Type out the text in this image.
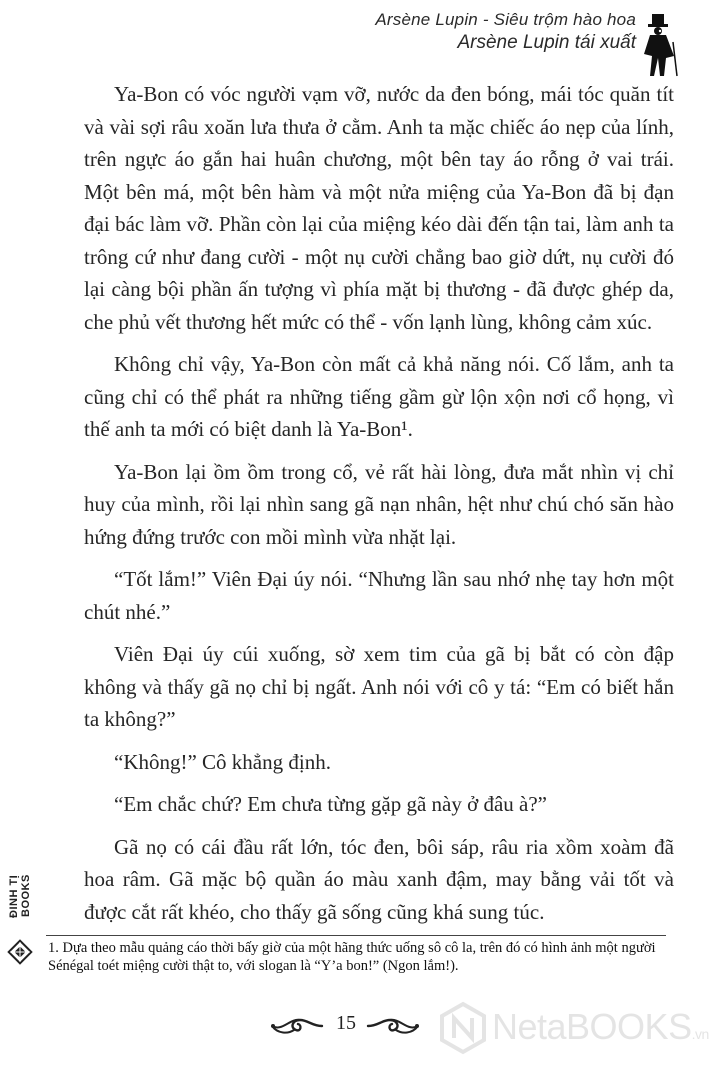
Arsène Lupin - Siêu trộm hào hoa
Arsène Lupin tái xuất

Ya-Bon có vóc người vạm vỡ, nước da đen bóng, mái tóc quăn tít và vài sợi râu xoăn lưa thưa ở cằm. Anh ta mặc chiếc áo nẹp của lính, trên ngực áo gắn hai huân chương, một bên tay áo rỗng ở vai trái. Một bên má, một bên hàm và một nửa miệng của Ya-Bon đã bị đạn đại bác làm vỡ. Phần còn lại của miệng kéo dài đến tận tai, làm anh ta trông cứ như đang cười - một nụ cười chẳng bao giờ dứt, nụ cười đó lại càng bội phần ấn tượng vì phía mặt bị thương - đã được ghép da, che phủ vết thương hết mức có thể - vốn lạnh lùng, không cảm xúc.

Không chỉ vậy, Ya-Bon còn mất cả khả năng nói. Cố lắm, anh ta cũng chỉ có thể phát ra những tiếng gầm gừ lộn xộn nơi cổ họng, vì thế anh ta mới có biệt danh là Ya-Bon¹.

Ya-Bon lại ồm ồm trong cổ, vẻ rất hài lòng, đưa mắt nhìn vị chỉ huy của mình, rồi lại nhìn sang gã nạn nhân, hệt như chú chó săn hào hứng đứng trước con mồi mình vừa nhặt lại.

“Tốt lắm!” Viên Đại úy nói. “Nhưng lần sau nhớ nhẹ tay hơn một chút nhé.”

Viên Đại úy cúi xuống, sờ xem tim của gã bị bắt có còn đập không và thấy gã nọ chỉ bị ngất. Anh nói với cô y tá: “Em có biết hắn ta không?”

“Không!” Cô khẳng định.

“Em chắc chứ? Em chưa từng gặp gã này ở đâu à?”

Gã nọ có cái đầu rất lớn, tóc đen, bôi sáp, râu ria xồm xoàm đã hoa râm. Gã mặc bộ quần áo màu xanh đậm, may bằng vải tốt và được cắt rất khéo, cho thấy gã sống cũng khá sung túc.

ĐINH TỊ BOOKS
1. Dựa theo mẫu quảng cáo thời bấy giờ của một hãng thức uống sô cô la, trên đó có hình ảnh một người Sénégal toét miệng cười thật to, với slogan là “Y’a bon!” (Ngon lắm!).
15	NetaBOOKS.vn
